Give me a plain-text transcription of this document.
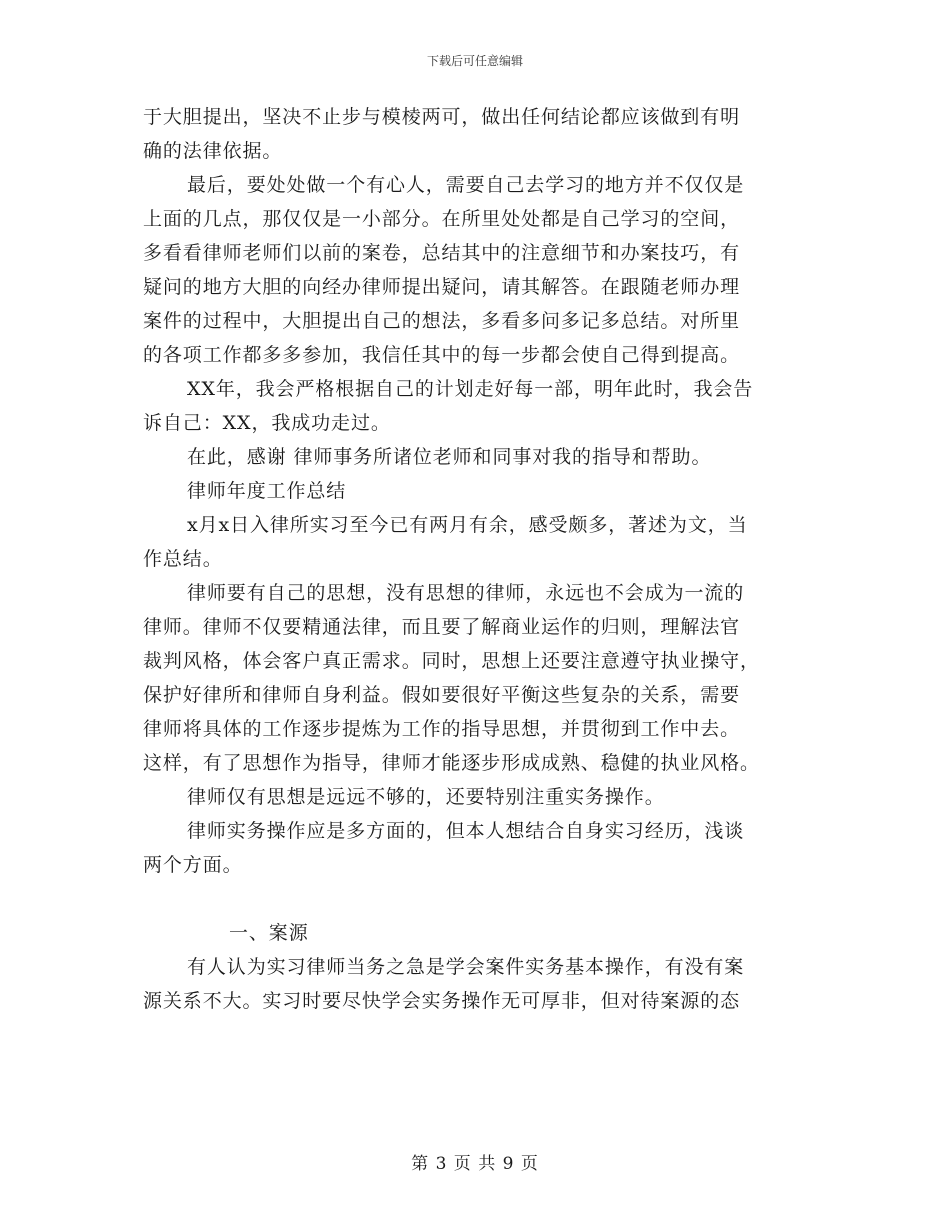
下载后可任意编辑
于大胆提出，坚决不止步与模棱两可，做出任何结论都应该做到有明
确的法律依据。
最后，要处处做一个有心人，需要自己去学习的地方并不仅仅是
上面的几点，那仅仅是一小部分。在所里处处都是自己学习的空间，
多看看律师老师们以前的案卷，总结其中的注意细节和办案技巧，有
疑问的地方大胆的向经办律师提出疑问，请其解答。在跟随老师办理
案件的过程中，大胆提出自己的想法，多看多问多记多总结。对所里
的各项工作都多多参加，我信任其中的每一步都会使自己得到提高。
XX年，我会严格根据自己的计划走好每一部，明年此时，我会告
诉自己：XX，我成功走过。
在此，感谢 律师事务所诸位老师和同事对我的指导和帮助。
律师年度工作总结
x月x日入律所实习至今已有两月有余，感受颇多，著述为文，当
作总结。
律师要有自己的思想，没有思想的律师，永远也不会成为一流的
律师。律师不仅要精通法律，而且要了解商业运作的归则，理解法官
裁判风格，体会客户真正需求。同时，思想上还要注意遵守执业操守，
保护好律所和律师自身利益。假如要很好平衡这些复杂的关系，需要
律师将具体的工作逐步提炼为工作的指导思想，并贯彻到工作中去。
这样，有了思想作为指导，律师才能逐步形成成熟、稳健的执业风格。
律师仅有思想是远远不够的，还要特别注重实务操作。
律师实务操作应是多方面的，但本人想结合自身实习经历，浅谈
两个方面。
一、案源
有人认为实习律师当务之急是学会案件实务基本操作，有没有案
源关系不大。实习时要尽快学会实务操作无可厚非，但对待案源的态
第 3 页 共 9 页
